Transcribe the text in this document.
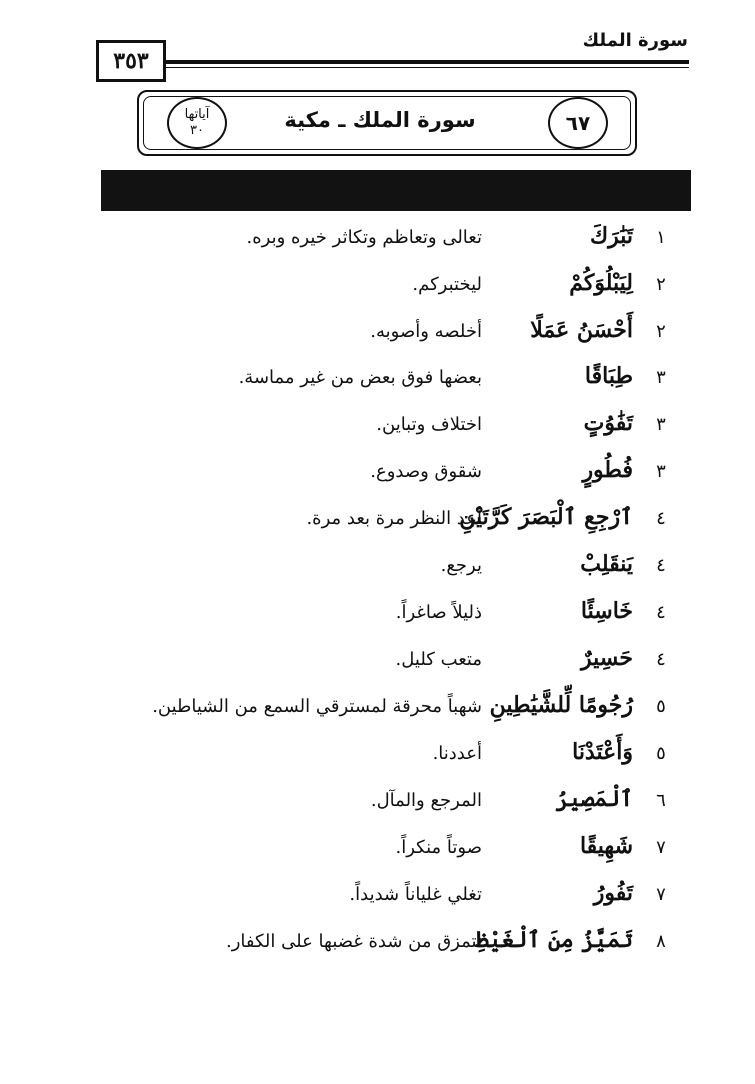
٣٥٣
سورة الملك
آياتها
٣٠	سورة الملك ـ مكية	٦٧
١
تَبَٰرَكَ
تعالى وتعاظم وتكاثر خيره وبره.
٢
لِيَبْلُوَكُمْ
ليختبركم.
٢
أَحْسَنُ عَمَلًا
أخلصه وأصوبه.
٣
طِبَاقًا
بعضها فوق بعض من غير مماسة.
٣
تَفَٰوُتٍ
اختلاف وتباين.
٣
فُطُورٍ
شقوق وصدوع.
٤
ٱرْجِعِ ٱلْبَصَرَ كَرَّتَيْنِ
أعِد النظر مرة بعد مرة.
٤
يَنقَلِبْ
يرجع.
٤
خَاسِئًا
ذليلاً صاغراً.
٤
حَسِيرٌ
متعب كليل.
٥
رُجُومًا لِّلشَّيَٰطِينِ
شهباً محرقة لمسترقي السمع من الشياطين.
٥
وَأَعْتَدْنَا
أعددنا.
٦
ٱلْمَصِيرُ
المرجع والمآل.
٧
شَهِيقًا
صوتاً منكراً.
٧
تَفُورُ
تغلي غلياناً شديداً.
٨
تَمَيَّزُ مِنَ ٱلْغَيْظِ
تتمزق من شدة غضبها على الكفار.
